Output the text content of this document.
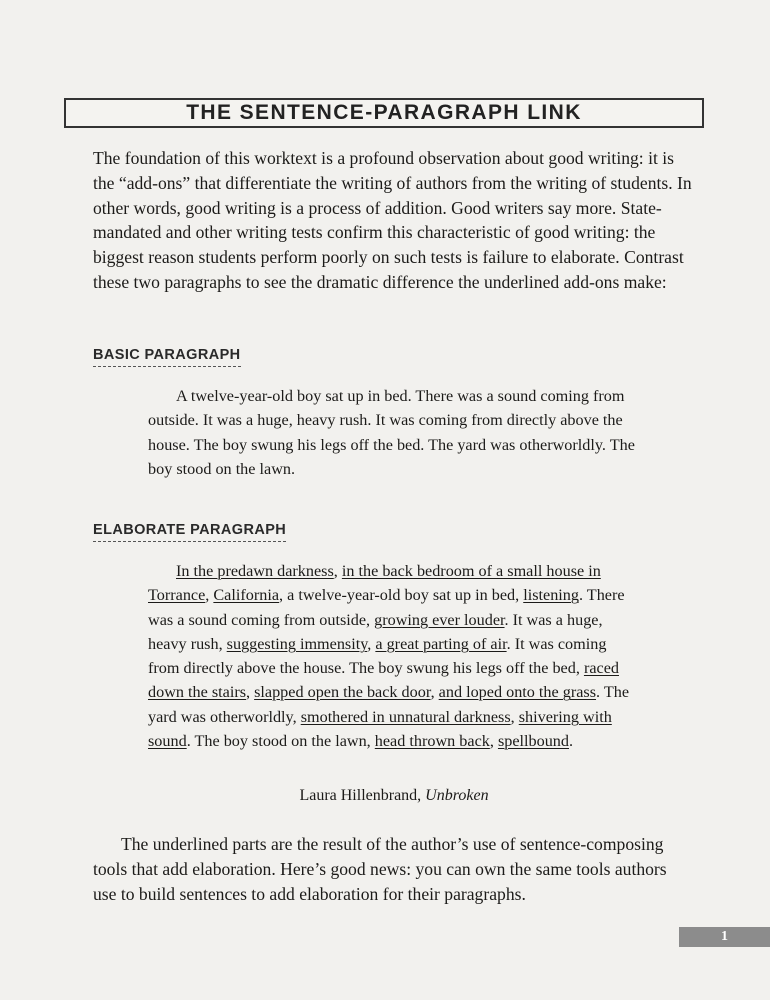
THE SENTENCE-PARAGRAPH LINK

The foundation of this worktext is a profound observation about good writing: it is the “add-ons” that differentiate the writing of authors from the writing of students. In other words, good writing is a process of addition. Good writers say more. State-mandated and other writing tests confirm this characteristic of good writing: the biggest reason students perform poorly on such tests is failure to elaborate. Contrast these two paragraphs to see the dramatic difference the underlined add-ons make:

BASIC PARAGRAPH

A twelve-year-old boy sat up in bed. There was a sound coming from outside. It was a huge, heavy rush. It was coming from directly above the house. The boy swung his legs off the bed. The yard was otherworldly. The boy stood on the lawn.

ELABORATE PARAGRAPH

In the predawn darkness, in the back bedroom of a small house in Torrance, California, a twelve-year-old boy sat up in bed, listening. There was a sound coming from outside, growing ever louder. It was a huge, heavy rush, suggesting immensity, a great parting of air. It was coming from directly above the house. The boy swung his legs off the bed, raced down the stairs, slapped open the back door, and loped onto the grass. The yard was otherworldly, smothered in unnatural darkness, shivering with sound. The boy stood on the lawn, head thrown back, spellbound.

Laura Hillenbrand, Unbroken

The underlined parts are the result of the author’s use of sentence-composing tools that add elaboration. Here’s good news: you can own the same tools authors use to build sentences to add elaboration for their paragraphs.

1
